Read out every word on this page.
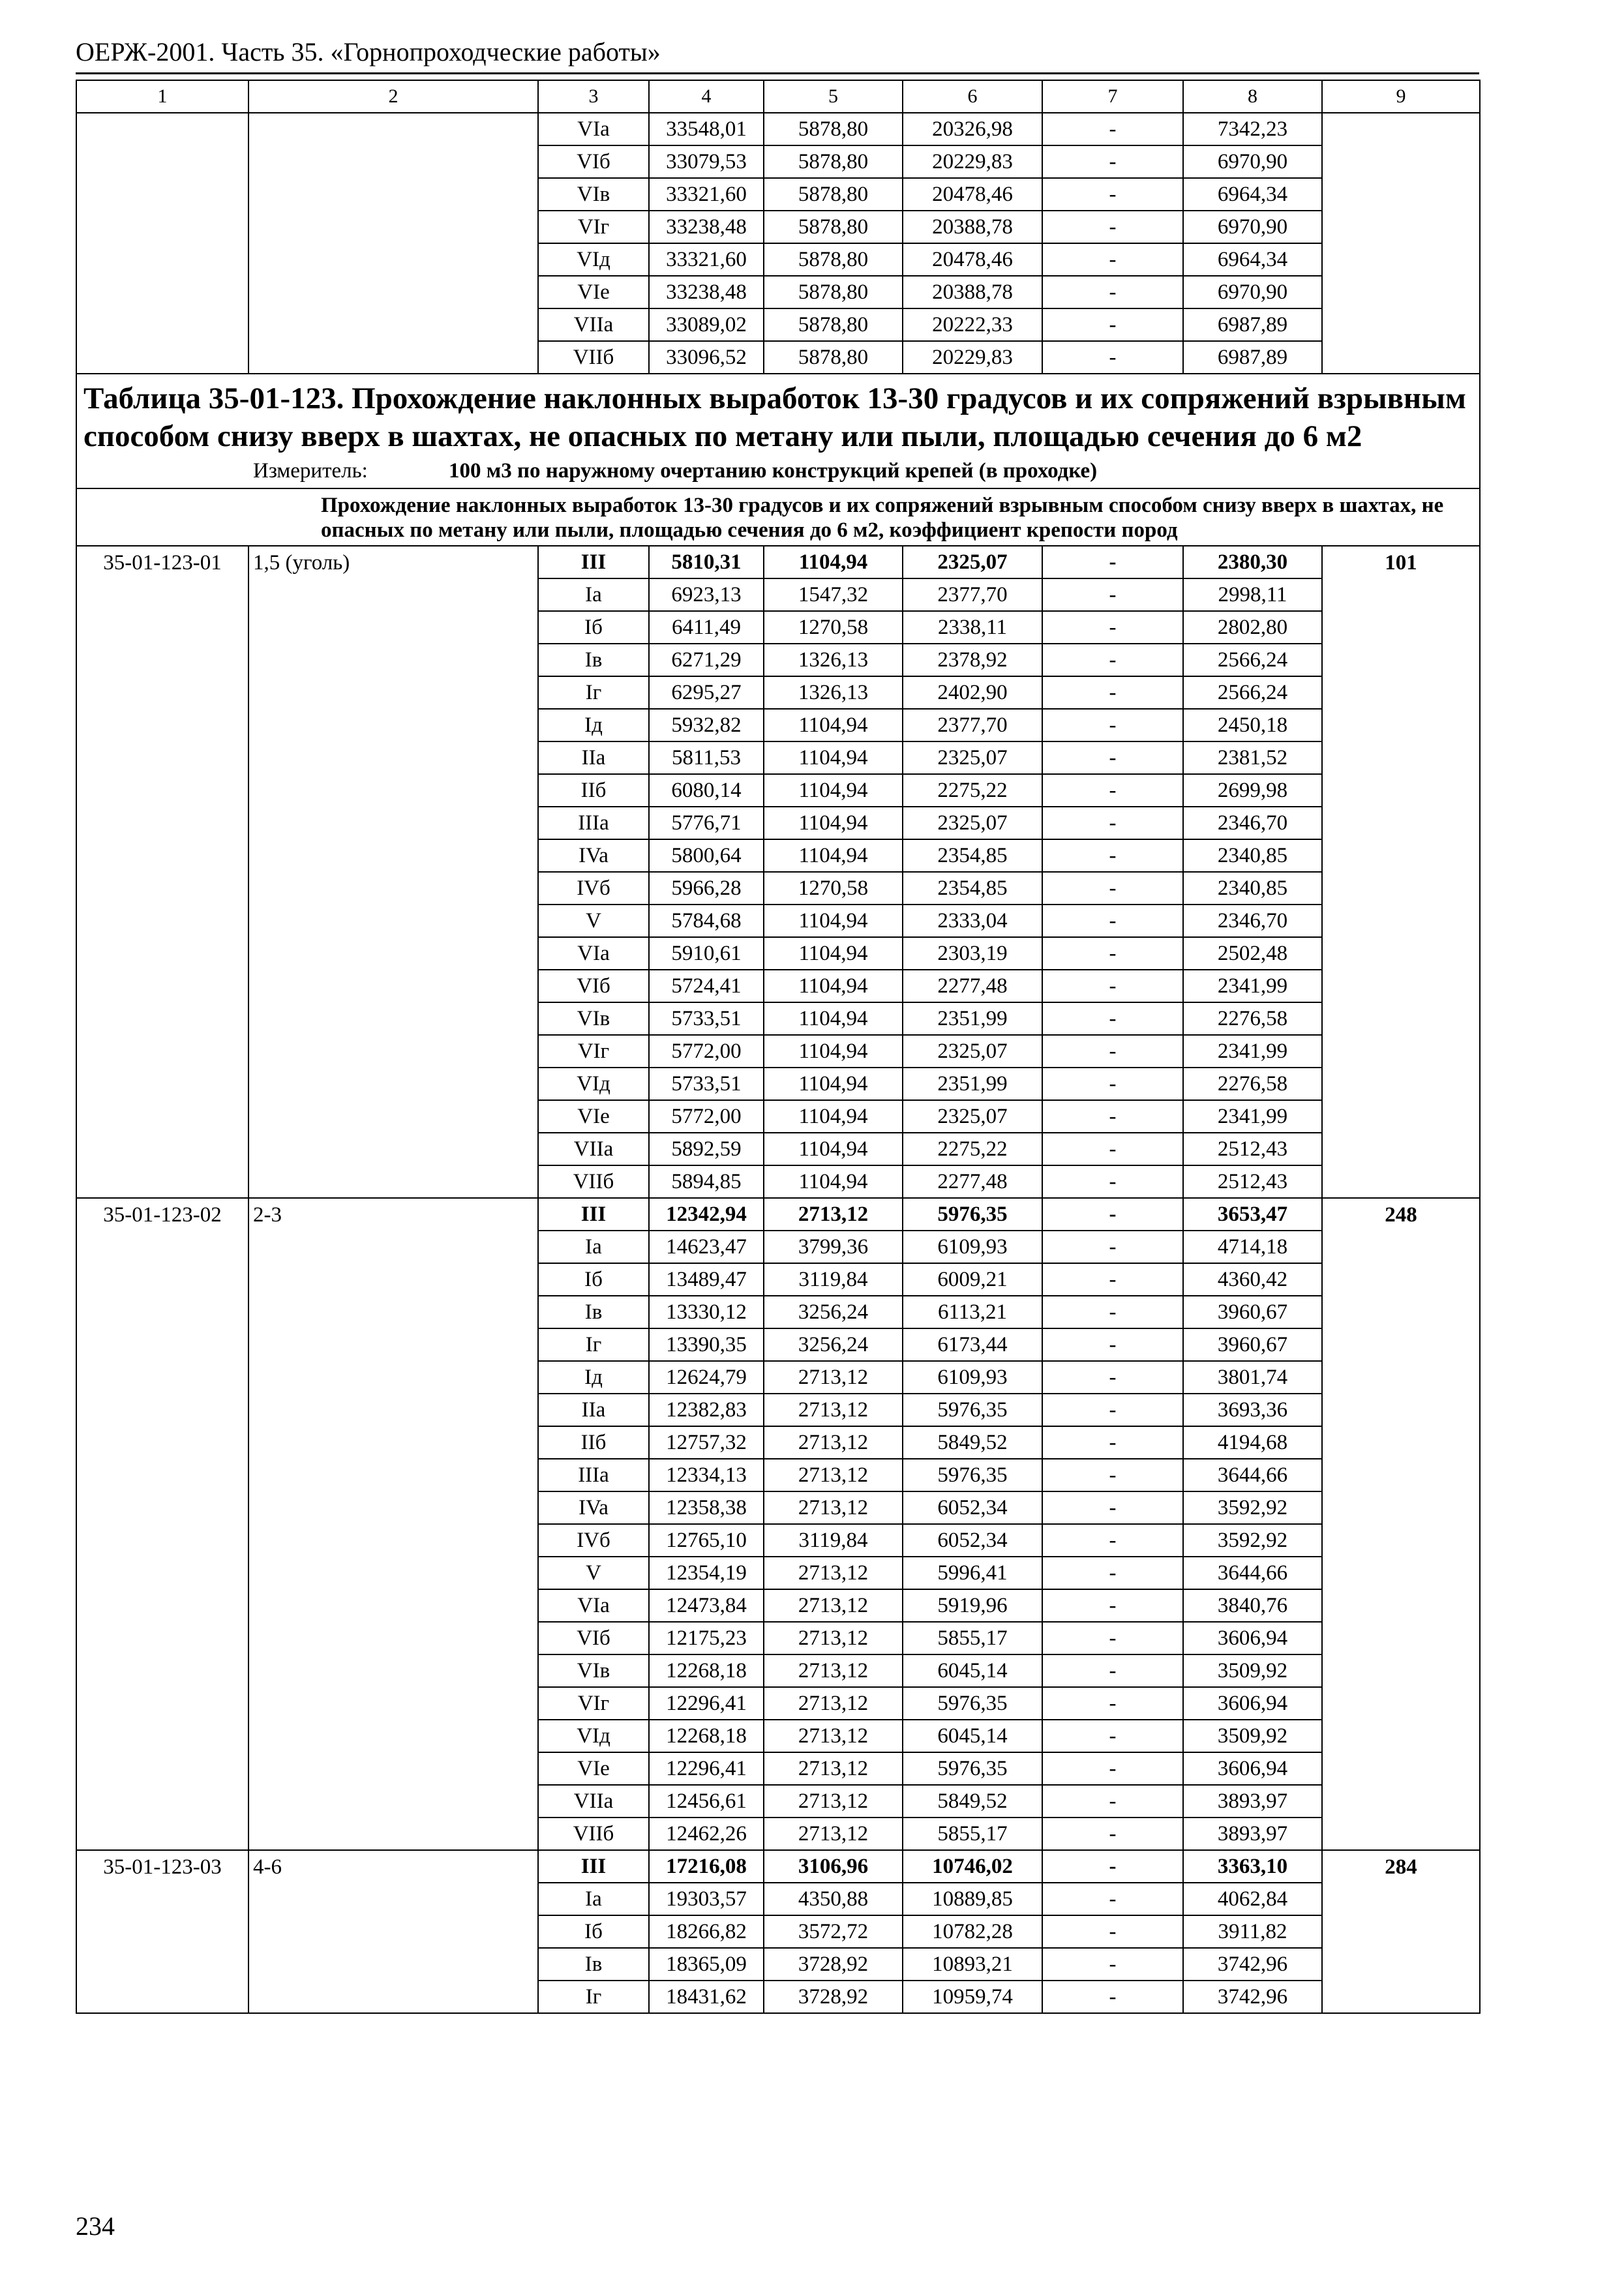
ОЕРЖ-2001. Часть 35. «Горнопроходческие работы»
1	2	3	4	5	6	7	8	9
		VIa	33548,01	5878,80	20326,98	-	7342,23	
		VIб	33079,53	5878,80	20229,83	-	6970,90	
		VIв	33321,60	5878,80	20478,46	-	6964,34	
		VIг	33238,48	5878,80	20388,78	-	6970,90	
		VIд	33321,60	5878,80	20478,46	-	6964,34	
		VIe	33238,48	5878,80	20388,78	-	6970,90	
		VIIa	33089,02	5878,80	20222,33	-	6987,89	
		VIIб	33096,52	5878,80	20229,83	-	6987,89	

Таблица 35-01-123. Прохождение наклонных выработок 13-30 градусов и их сопряжений взрывным способом снизу вверх в шахтах, не опасных по метану или пыли, площадью сечения до 6 м2
Измеритель: 100 м3 по наружному очертанию конструкций крепей (в проходке)								

Прохождение наклонных выработок 13-30 градусов и их сопряжений взрывным способом снизу вверх в шахтах, не опасных по метану или пыли, площадью сечения до 6 м2, коэффициент крепости пород								
35-01-123-01	1,5 (уголь)	III	5810,31	1104,94	2325,07	-	2380,30	101
		Ia	6923,13	1547,32	2377,70	-	2998,11	
		Iб	6411,49	1270,58	2338,11	-	2802,80	
		Iв	6271,29	1326,13	2378,92	-	2566,24	
		Iг	6295,27	1326,13	2402,90	-	2566,24	
		Iд	5932,82	1104,94	2377,70	-	2450,18	
		IIa	5811,53	1104,94	2325,07	-	2381,52	
		IIб	6080,14	1104,94	2275,22	-	2699,98	
		IIIa	5776,71	1104,94	2325,07	-	2346,70	
		IVa	5800,64	1104,94	2354,85	-	2340,85	
		IVб	5966,28	1270,58	2354,85	-	2340,85	
		V	5784,68	1104,94	2333,04	-	2346,70	
		VIa	5910,61	1104,94	2303,19	-	2502,48	
		VIб	5724,41	1104,94	2277,48	-	2341,99	
		VIв	5733,51	1104,94	2351,99	-	2276,58	
		VIг	5772,00	1104,94	2325,07	-	2341,99	
		VIд	5733,51	1104,94	2351,99	-	2276,58	
		VIe	5772,00	1104,94	2325,07	-	2341,99	
		VIIa	5892,59	1104,94	2275,22	-	2512,43	
		VIIб	5894,85	1104,94	2277,48	-	2512,43	
35-01-123-02	2-3	III	12342,94	2713,12	5976,35	-	3653,47	248
		Ia	14623,47	3799,36	6109,93	-	4714,18	
		Iб	13489,47	3119,84	6009,21	-	4360,42	
		Iв	13330,12	3256,24	6113,21	-	3960,67	
		Iг	13390,35	3256,24	6173,44	-	3960,67	
		Iд	12624,79	2713,12	6109,93	-	3801,74	
		IIa	12382,83	2713,12	5976,35	-	3693,36	
		IIб	12757,32	2713,12	5849,52	-	4194,68	
		IIIa	12334,13	2713,12	5976,35	-	3644,66	
		IVa	12358,38	2713,12	6052,34	-	3592,92	
		IVб	12765,10	3119,84	6052,34	-	3592,92	
		V	12354,19	2713,12	5996,41	-	3644,66	
		VIa	12473,84	2713,12	5919,96	-	3840,76	
		VIб	12175,23	2713,12	5855,17	-	3606,94	
		VIв	12268,18	2713,12	6045,14	-	3509,92	
		VIг	12296,41	2713,12	5976,35	-	3606,94	
		VIд	12268,18	2713,12	6045,14	-	3509,92	
		VIe	12296,41	2713,12	5976,35	-	3606,94	
		VIIa	12456,61	2713,12	5849,52	-	3893,97	
		VIIб	12462,26	2713,12	5855,17	-	3893,97	
35-01-123-03	4-6	III	17216,08	3106,96	10746,02	-	3363,10	284
		Ia	19303,57	4350,88	10889,85	-	4062,84	
		Iб	18266,82	3572,72	10782,28	-	3911,82	
		Iв	18365,09	3728,92	10893,21	-	3742,96	
		Iг	18431,62	3728,92	10959,74	-	3742,96	
234
